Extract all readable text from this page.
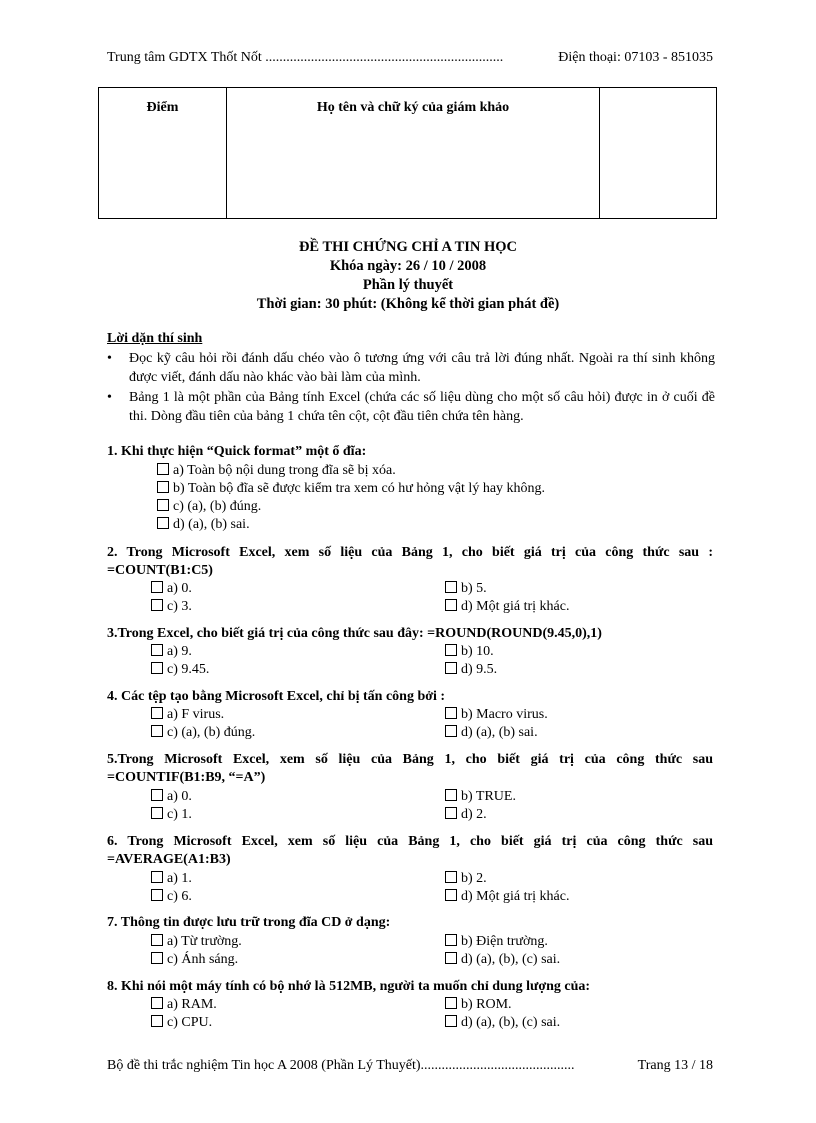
Trung tâm GDTX Thốt Nốt ....................................................................	Điện thoại: 07103 - 851035
Điểm	Họ tên và chữ ký của giám khảo	
ĐỀ THI CHỨNG CHỈ A TIN HỌC
Khóa ngày: 26 / 10 / 2008
Phần lý thuyết
Thời gian: 30 phút: (Không kể thời gian phát đề)
Lời dặn thí sinh
• Đọc kỹ câu hỏi rồi đánh dấu chéo vào ô tương ứng với câu trả lời đúng nhất. Ngoài ra thí sinh không được viết, đánh dấu nào khác vào bài làm của mình.
• Bảng 1 là một phần của Bảng tính Excel (chứa các số liệu dùng cho một số câu hỏi) được in ở cuối đề thi. Dòng đầu tiên của bảng 1 chứa tên cột, cột đầu tiên chứa tên hàng.
1. Khi thực hiện “Quick format” một ổ đĩa:
a) Toàn bộ nội dung trong đĩa sẽ bị xóa.
b) Toàn bộ đĩa sẽ được kiểm tra xem có hư hỏng vật lý hay không.
c) (a), (b) đúng.
d) (a), (b) sai.
2. Trong Microsoft Excel, xem số liệu của Bảng 1, cho biết giá trị của công thức sau :
=COUNT(B1:C5)
a) 0.	b) 5.
c) 3.	d) Một giá trị khác.
3.Trong Excel, cho biết giá trị của công thức sau đây: =ROUND(ROUND(9.45,0),1)
a) 9.	b) 10.
c) 9.45.	d) 9.5.
4. Các tệp tạo bằng Microsoft Excel, chỉ bị tấn công bởi :
a) F virus.	b) Macro virus.
c) (a), (b) đúng.	d) (a), (b) sai.
5.Trong Microsoft Excel, xem số liệu của Bảng 1, cho biết giá trị của công thức sau
=COUNTIF(B1:B9, “=A”)
a) 0.	b) TRUE.
c) 1.	d) 2.
6. Trong Microsoft Excel, xem số liệu của Bảng 1, cho biết giá trị của công thức sau
=AVERAGE(A1:B3)
a) 1.	b) 2.
c) 6.	d) Một giá trị khác.
7. Thông tin được lưu trữ trong đĩa CD ở dạng:
a) Từ trường.	b) Điện trường.
c) Ánh sáng.	d) (a), (b), (c) sai.
8. Khi nói một máy tính có bộ nhớ là 512MB, người ta muốn chỉ dung lượng của:
a) RAM.	b) ROM.
c) CPU.	d) (a), (b), (c) sai.
Bộ đề thi trắc nghiệm Tin học A 2008 (Phần Lý Thuyết)............................................	Trang 13 / 18
